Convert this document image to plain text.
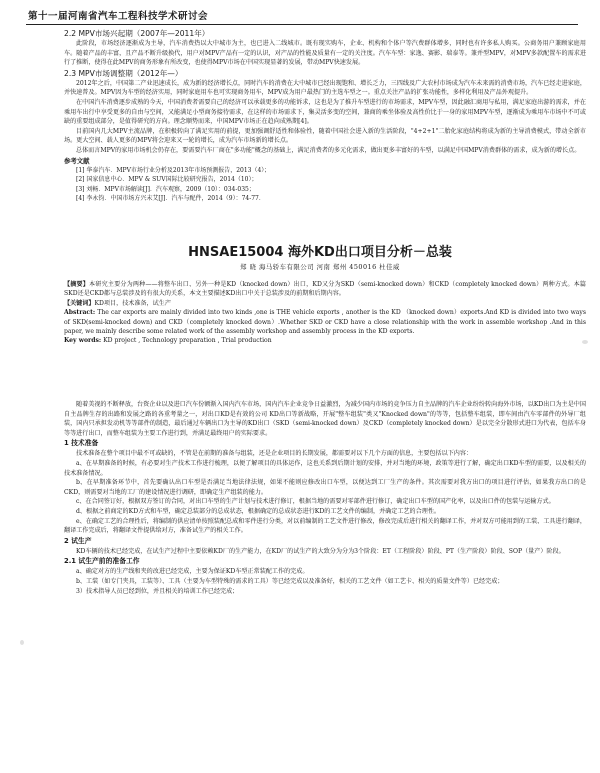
第十一届河南省汽车工程科技学术研讨会
2.2 MPV市场兴起期（2007年—2011年）

此阶段，市场经济逐渐成为主导，汽车消费热以大中城市为主，也已进入二线城市。既有现实购车，企业、机构和个体户等汽费群体增多，同时也有许多私人购买。公商务用户兼顾家庭用车。随着产品的丰富，且产品不断升级换代，用户对MPV产品有一定的认识，对产品的性能及质量有一定的关注度。汽车车型：家逸、赛影、瑞泰等。兼并型MPV，对MPV多款配置车的需求进行了推断，使得在此MPV的商务形象有所改变，也使得MPV市场在中国实现显著的发展，带动MPV快速发展。

2.3 MPV市场调整期（2012年—）

2012年之后，中国第二产业迅速成长，成为新的经济增长点，同时汽车的消费在大中城市已经出现饱和、增长乏力，三四线及广大农村市场成为汽车未来需的消费市场，汽车已经走进家庭，并快速普及。MPV因为车型的经济实用，同时家庭用车也可实现商务用车，MPV成为用户最热门的主选车型之一。重点关注产品的扩张功能性，多样化利用及产品外观提升。

在中国汽车消费逐步成熟的今天，中国消费者需要自己的经济可以承载更多的功能诉求，这也是为了推升车型进行的市场需求，MPV车型，因此融汇商用与私用，满足家庭出游的需求，并在乘用车出行中享受更多的自由与空间，又能满足小型商务接待需求，在这样的市场需求下，集灵活多变的空间，兼商的乘坐体验及高性价比于一身的家用MPV车型，逐渐成为乘用车市场中不可或缺的重要组成部分，是值得研究的方向。理念顺势而来，中国MPV市场正在趋向成熟期[4]。

目前国内几大MPV主流品牌，在积极转向了满足实用的前提，更加强调舒适性和体验性，随着中国社会进入新的生活阶段，"4+2+1"二胎化家庭结构将成为新的主导消费模式，带动全新市场。更大空间、载人更多的MPV将会迎来又一轮的增长，成为汽车市场新的增长点。

总体而言MPV的家用市场机会仍存在，要需要汽车厂商在"多功能"概念的基础上，满足消费者的多元化需求，做出更多丰富好的车型，以满足中国MPV消费群体的需求，成为新的增长点。

参考文献

[1] 华泰汽车．MPV市场行业分析及2013年市场预测报告，2013（4）；

[2] 国家信息中心．MPV & SUV国际比较研究报告，2014（10）；

[3] 刘畅．MPV市场解读[J]．汽车观察，2009（10）：034-035；

[4] 李永钧．中国市场方兴未艾[J]．汽车与配件，2014（9）：74-77．

HNSAE15004 海外KD出口项目分析－总装
郑 晓 海马轿车有限公司 河南 郑州 450016 杜佳威

【摘要】本研究主要分为两种——将整车出口、另外一种是KD（knocked down）出口，KD又分为SKD（semi-knocked down）和CKD（completely knocked down）两种方式。本篇SKD还是CKD都与总装涉及的有很大的关系，本文主要描述KD出口中关于总装涉及的前期和后期内容。

【关键词】KD项目，技术准备，试生产

Abstract: The car exports are mainly divided into two kinds ,one is THE vehicle exports , another is the KD （knocked down）exports.And KD is divided into two ways of SKD(semi-knocked down) and CKD（completely knocked down）.Whether SKD or CKD have a close relationship with the work in assemble workshop .And in this paper, we mainly describe some related work of the assembly workshop and assembly process in the KD exports.

Key words: KD project , Technology preparation , Trial production

随着美视的不断释放，台资企业以及进口汽车份额渐入国内汽车市场，国内汽车企业竞争日益激烈，为减少国内市场的竞争压力自主品牌的汽车企业纷纷转向海外市场，以KD出口为主是中国自主品牌生存的出路和发展之路的各重考量之一，对出口KD是有效的公司 KD出口等新战略，开展"整车组装"类又"Knocked down"的等等，包括整车组装，即车间由汽车零部件的外导厂组装，国内只承担发动机等等部件的制造，最后通过车辆出口为主导的KD出口（SKD（semi-knocked down）及CKD（completely knocked down）是以完全分散形式进口为代表，包括车身等等进行出口，而整车组装为主要工作进行到，并满足最终用户的实际要求。

1 技术准备

技术准备在整个项目中最不可或缺的，不管是在前期的准备与组装，还是企业项目的长期发展，都需要对以下几个方面的信息，主要包括以下内容：

a、在早期准备的时候，有必要对生产技术工作进行梳理，以便了解项目的具体运作，这也关系到后期计划的安排，并对当地的环境，政策等进行了解，确定出口KD车型的需要，以及相关的技术准备情况。

b、在早期准备环节中，首先要确认出口车型是否满足当地法律法规，如果不能则应修改出口车型，以便达到工厂生产的条件。其次需要对我方出口的项目进行评估，如果我方出口的是CKD，则需要对当地的工厂的建设情况进行调研，即确定生产组装的能力。

c、在合同签订好，根据双方签订的合同，对出口车型的生产计划与技术进行修订，根据当地的需要对零部件进行修订，确定出口车型的国产化率，以及出口件的包装与运输方式。

d、根据之前商定的KD方式和车型，确定总装部分的总成状态，根据确定的总成状态进行KD的工艺文件的编制，并确定工艺的合理性。

e、在确定工艺的合理性后，将编制的供应清单按照装配总成和零件进行分类，对以前编制的工艺文件进行修改，修改完成后进行相关的翻译工作，并对双方可能用到的工装、工具进行翻译，翻译工作完成后，将翻译文件提供给对方，准备试生产的相关工作。

2 试生产

KD车辆的技术已经完成，在试生产过程中主要依赖KD厂的生产能力，在KD厂的试生产的大致分为分为3个阶段：ET（工程阶段）阶段、PT（生产阶段）阶段、SOP（量产）阶段。

2.1 试生产前的准备工作

a、确定对方的生产线和夹的改进已经完成，主要为保证KD车型正常装配工作的完成。

b、工装（如专门夹具，工装等）、工具（主要为车型特殊的需求的工具）等已经完成以及准备好，相关的工艺文件（如工艺卡、相关的质量文件等）已经完成；

3）技术指导人员已经到位，并且相关的培训工作已经完成；
